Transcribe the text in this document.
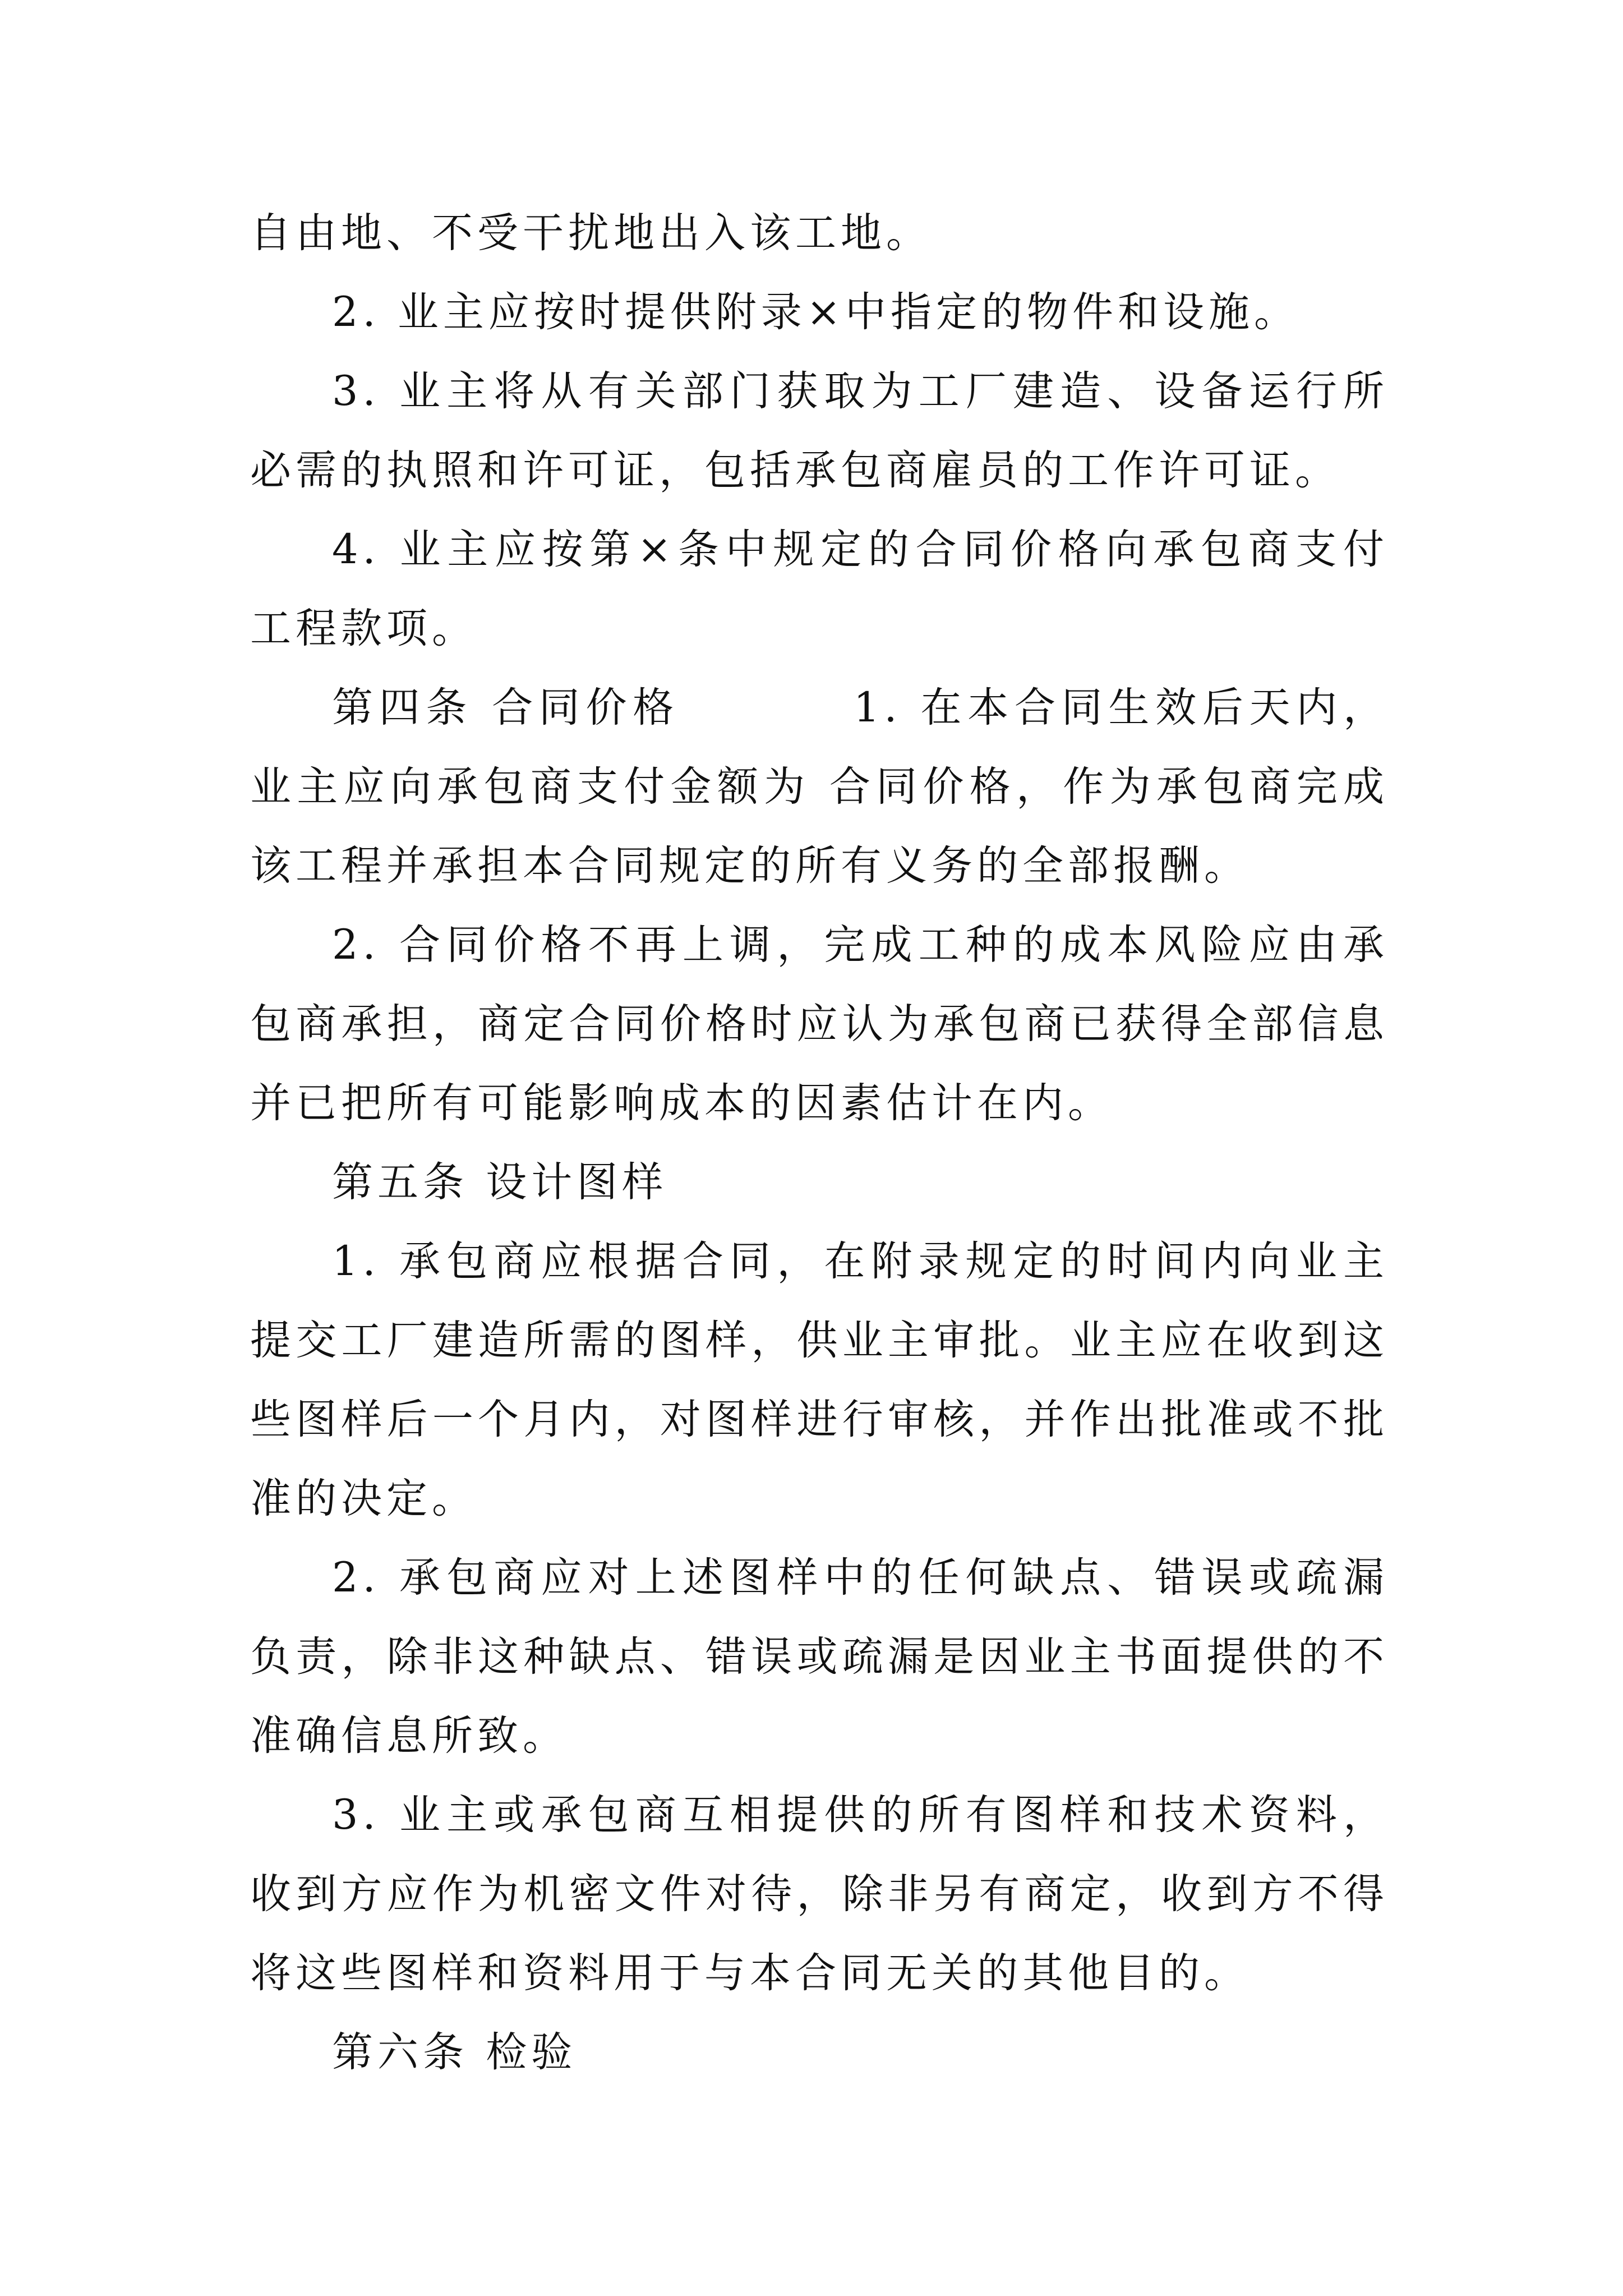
自由地、不受干扰地出入该工地。

2. 业主应按时提供附录×中指定的物件和设施。

3. 业主将从有关部门获取为工厂建造、设备运行所必需的执照和许可证，包括承包商雇员的工作许可证。

4. 业主应按第×条中规定的合同价格向承包商支付工程款项。

第四条 合同价格	1. 在本合同生效后天内，业主应向承包商支付金额为 合同价格，作为承包商完成该工程并承担本合同规定的所有义务的全部报酬。

2. 合同价格不再上调，完成工种的成本风险应由承包商承担，商定合同价格时应认为承包商已获得全部信息并已把所有可能影响成本的因素估计在内。

第五条 设计图样

1. 承包商应根据合同，在附录规定的时间内向业主提交工厂建造所需的图样，供业主审批。业主应在收到这些图样后一个月内，对图样进行审核，并作出批准或不批准的决定。

2. 承包商应对上述图样中的任何缺点、错误或疏漏负责，除非这种缺点、错误或疏漏是因业主书面提供的不准确信息所致。

3. 业主或承包商互相提供的所有图样和技术资料，收到方应作为机密文件对待，除非另有商定，收到方不得将这些图样和资料用于与本合同无关的其他目的。

第六条 检验
